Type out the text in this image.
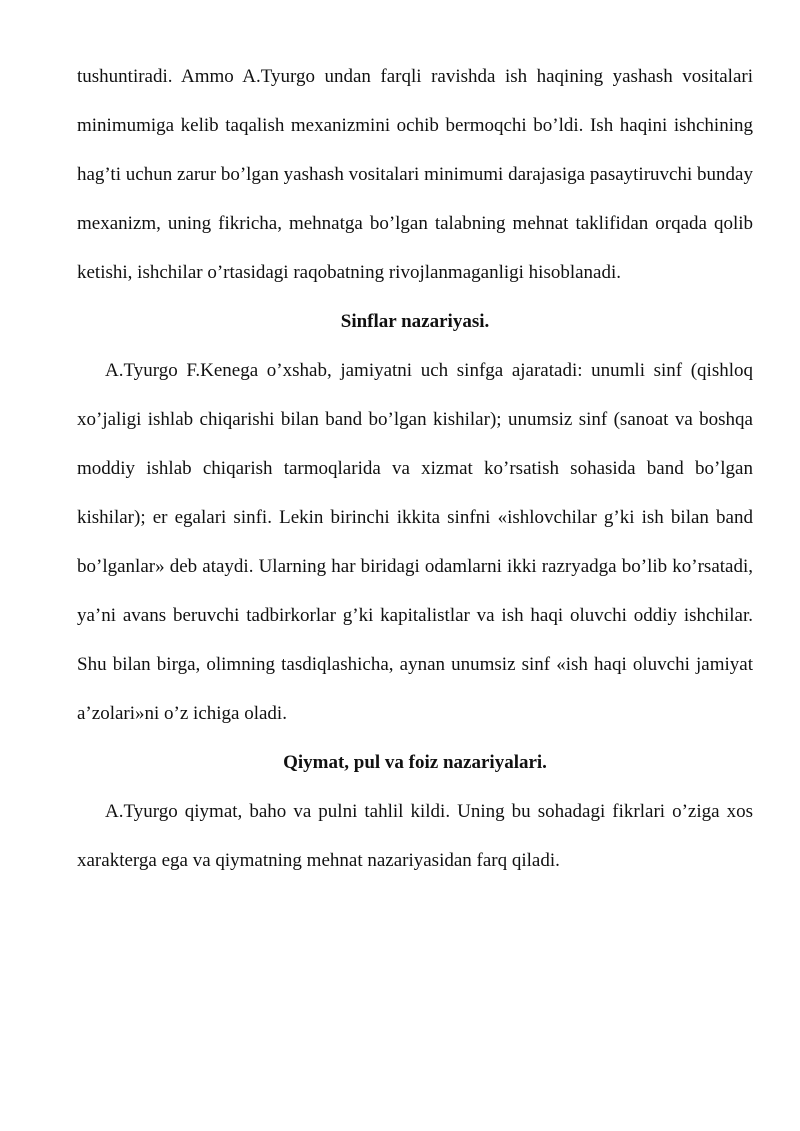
tushuntiradi. Ammo A.Tyurgo undan farqli ravishda ish haqining yashash vositalari minimumiga kelib taqalish mexanizmini ochib bermoqchi bo’ldi. Ish haqini ishchining hag’ti uchun zarur bo’lgan yashash vositalari minimumi darajasiga pasaytiruvchi bunday mexanizm, uning fikricha, mehnatga bo’lgan talabning mehnat taklifidan orqada qolib ketishi, ishchilar o’rtasidagi raqobatning rivojlanmaganligi hisoblanadi.

Sinflar nazariyasi.

A.Tyurgo F.Kenega o’xshab, jamiyatni uch sinfga ajaratadi: unumli sinf (qishloq xo’jaligi ishlab chiqarishi bilan band bo’lgan kishilar); unumsiz sinf (sanoat va boshqa moddiy ishlab chiqarish tarmoqlarida va xizmat ko’rsatish sohasida band bo’lgan kishilar); er egalari sinfi. Lekin birinchi ikkita sinfni «ishlovchilar g’ki ish bilan band bo’lganlar» deb ataydi. Ularning har biridagi odamlarni ikki razryadga bo’lib ko’rsatadi, ya’ni avans beruvchi tadbirkorlar g’ki kapitalistlar va ish haqi oluvchi oddiy ishchilar. Shu bilan birga, olimning tasdiqlashicha, aynan unumsiz sinf «ish haqi oluvchi jamiyat a’zolari»ni o’z ichiga oladi.

Qiymat, pul va foiz nazariyalari.

A.Tyurgo qiymat, baho va pulni tahlil kildi. Uning bu sohadagi fikrlari o’ziga xos xarakterga ega va qiymatning mehnat nazariyasidan farq qiladi.
